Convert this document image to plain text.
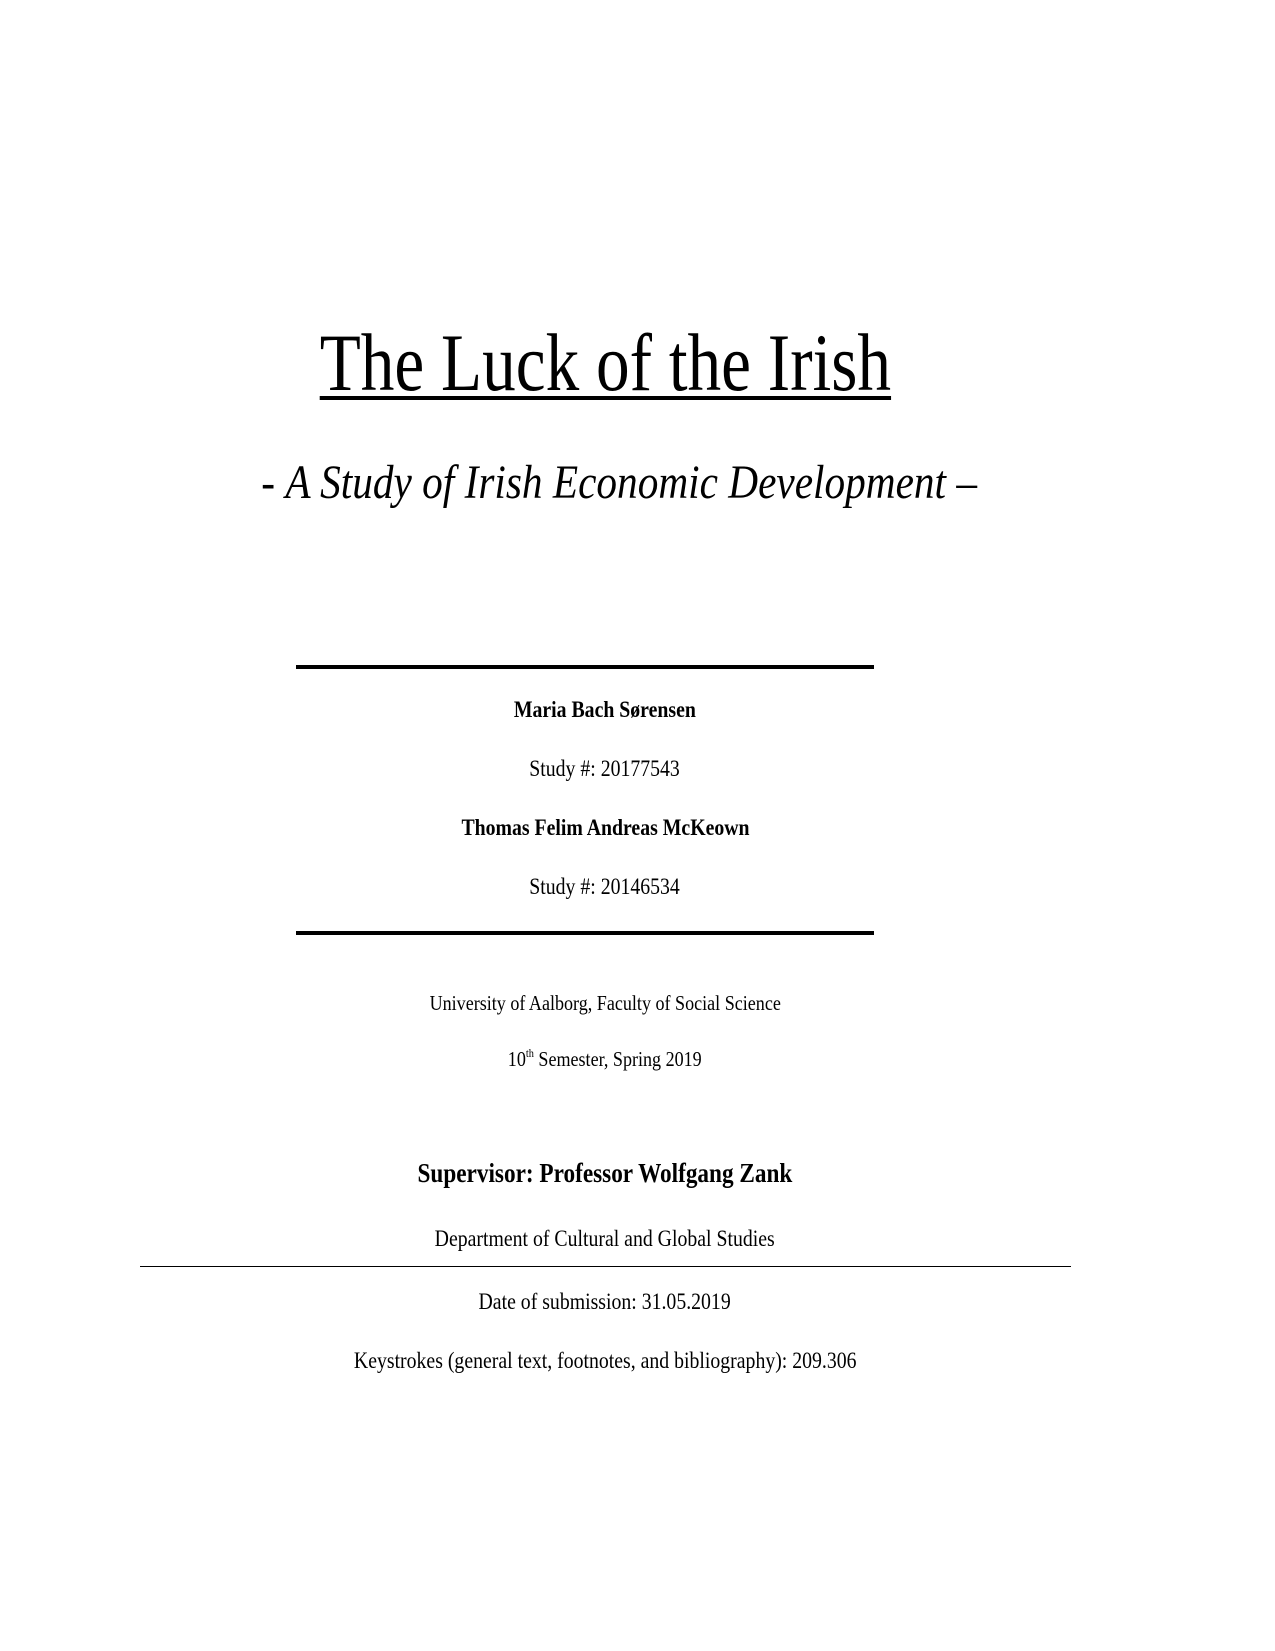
The Luck of the Irish
- A Study of Irish Economic Development –
Maria Bach Sørensen
Study #: 20177543
Thomas Felim Andreas McKeown
Study #: 20146534
University of Aalborg, Faculty of Social Science
10th Semester, Spring 2019
Supervisor: Professor Wolfgang Zank
Department of Cultural and Global Studies
Date of submission: 31.05.2019
Keystrokes (general text, footnotes, and bibliography): 209.306
